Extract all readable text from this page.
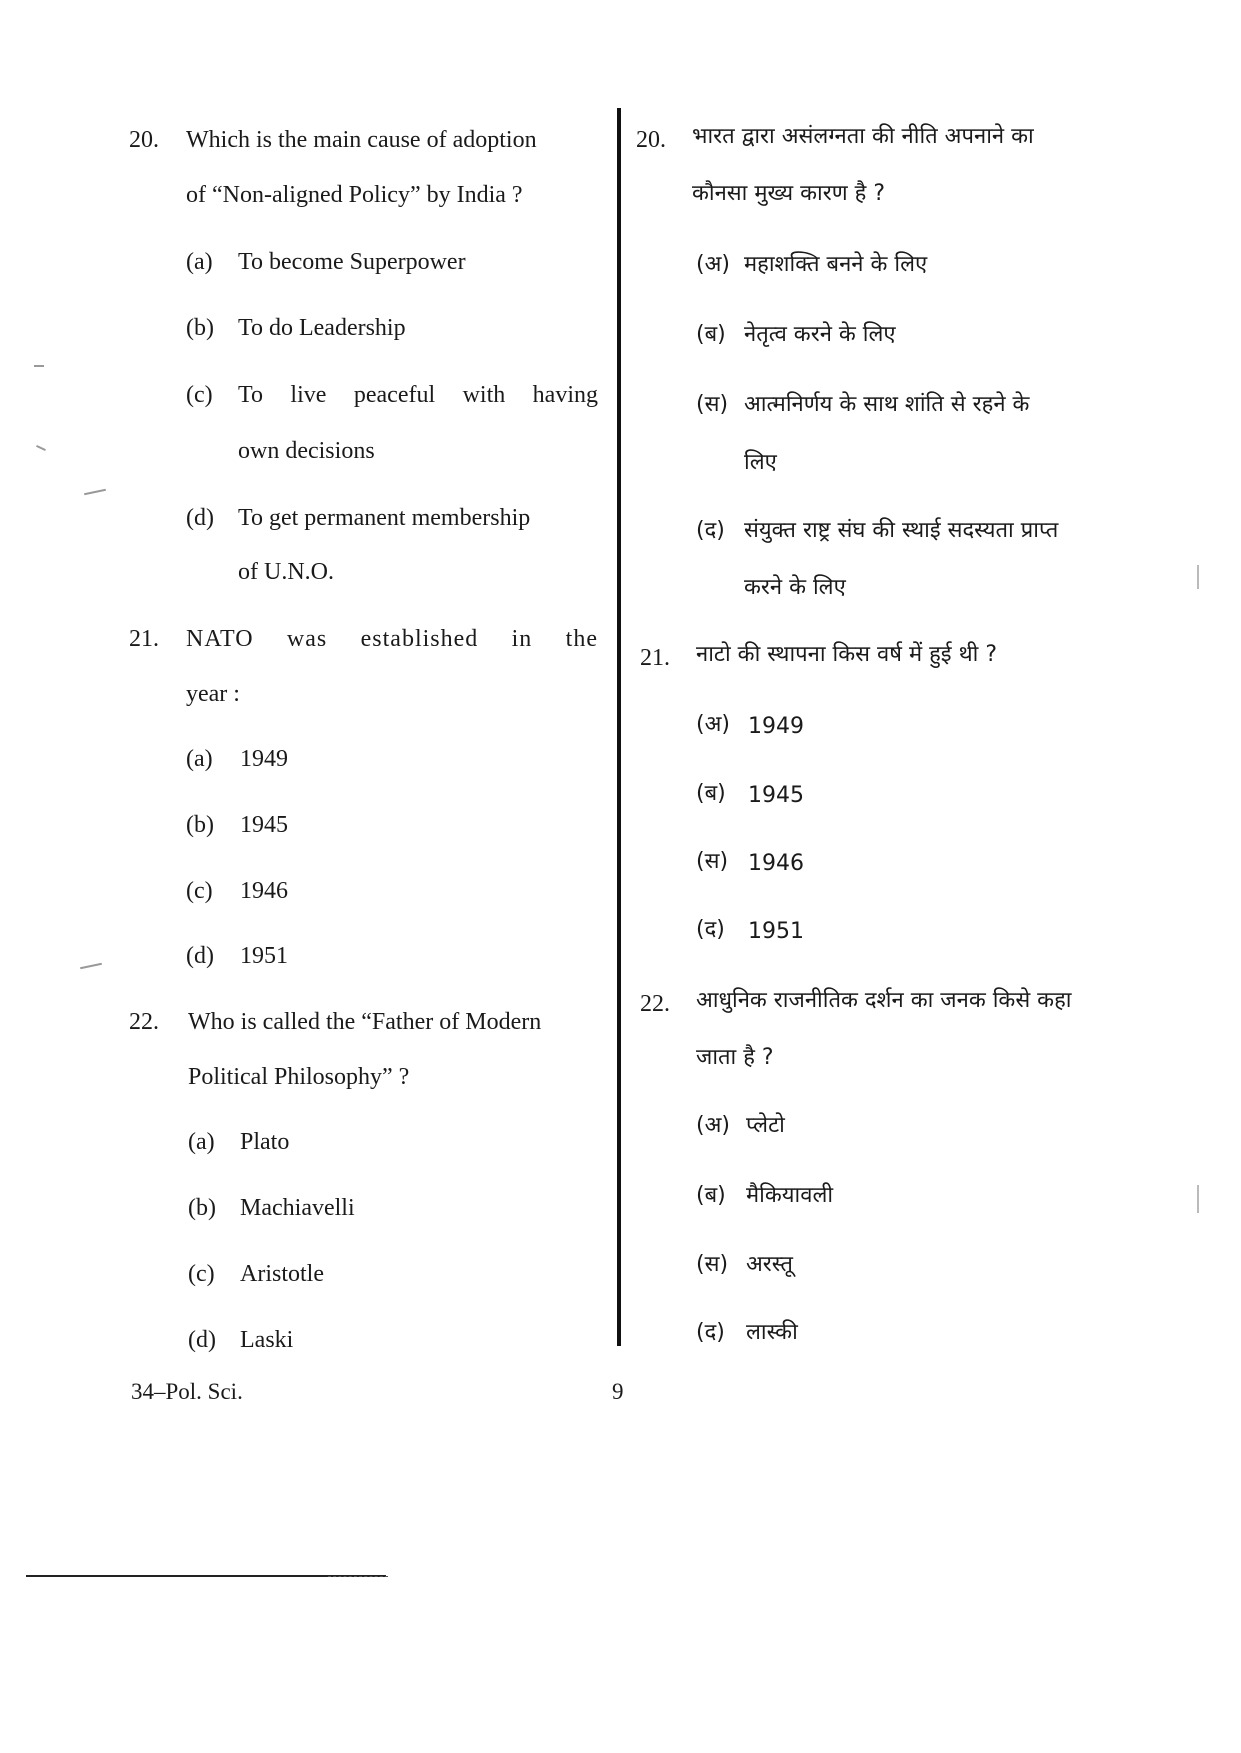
20. Which is the main cause of adoption
of “Non-aligned Policy” by India ?
(a) To become Superpower
(b) To do Leadership
(c) To live peaceful with having
own decisions
(d) To get permanent membership
of U.N.O.
21. NATO was established in the
year :
(a) 1949
(b) 1945
(c) 1946
(d) 1951
22. Who is called the “Father of Modern
Political Philosophy” ?
(a) Plato
(b) Machiavelli
(c) Aristotle
(d) Laski
20. भारत द्वारा असंलग्नता की नीति अपनाने का
कौनसा मुख्य कारण है ?
(अ) महाशक्ति बनने के लिए
(ब) नेतृत्व करने के लिए
(स) आत्मनिर्णय के साथ शांति से रहने के
लिए
(द) संयुक्त राष्ट्र संघ की स्थाई सदस्यता प्राप्त
करने के लिए
21. नाटो की स्थापना किस वर्ष में हुई थी ?
(अ) 1949
(ब) 1945
(स) 1946
(द) 1951
22. आधुनिक राजनीतिक दर्शन का जनक किसे कहा
जाता है ?
(अ) प्लेटो
(ब) मैकियावली
(स) अरस्तू
(द) लास्की
34–Pol. Sci.	9
